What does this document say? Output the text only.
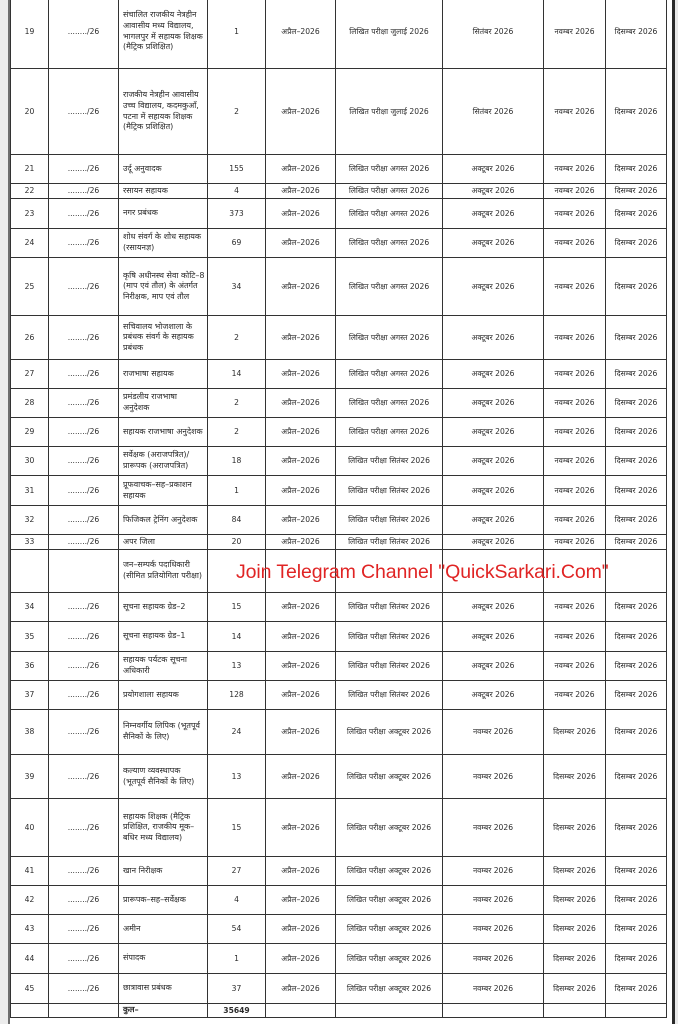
19	......../26	संचालित राजकीय नेत्रहीन आवासीय मध्य विद्यालय, भागलपुर में सहायक शिक्षक (मैट्रिक प्रशिक्षित)	1	अप्रैल–2026	लिखित परीक्षा जुलाई 2026	सितंबर 2026	नवम्बर 2026	दिसम्बर 2026
20	......../26	राजकीय नेत्रहीन आवासीय उच्च विद्यालय, कदमकुआँ, पटना में सहायक शिक्षक (मैट्रिक प्रशिक्षित)	2	अप्रैल–2026	लिखित परीक्षा जुलाई 2026	सितंबर 2026	नवम्बर 2026	दिसम्बर 2026
21	......../26	उर्दू अनुवादक	155	अप्रैल–2026	लिखित परीक्षा अगस्त 2026	अक्टूबर 2026	नवम्बर 2026	दिसम्बर 2026
22	......../26	रसायन सहायक	4	अप्रैल–2026	लिखित परीक्षा अगस्त 2026	अक्टूबर 2026	नवम्बर 2026	दिसम्बर 2026
23	......../26	नगर प्रबंधक	373	अप्रैल–2026	लिखित परीक्षा अगस्त 2026	अक्टूबर 2026	नवम्बर 2026	दिसम्बर 2026
24	......../26	शोध संवर्ग के शोध सहायक (रसायनज्ञ)	69	अप्रैल–2026	लिखित परीक्षा अगस्त 2026	अक्टूबर 2026	नवम्बर 2026	दिसम्बर 2026
25	......../26	कृषि अधीनस्थ सेवा कोटि–8 (माप एवं तौल) के अंतर्गत निरीक्षक, माप एवं तौल	34	अप्रैल–2026	लिखित परीक्षा अगस्त 2026	अक्टूबर 2026	नवम्बर 2026	दिसम्बर 2026
26	......../26	सचिवालय भोजशाला के प्रबंधक संवर्ग के सहायक प्रबंधक	2	अप्रैल–2026	लिखित परीक्षा अगस्त 2026	अक्टूबर 2026	नवम्बर 2026	दिसम्बर 2026
27	......../26	राजभाषा सहायक	14	अप्रैल–2026	लिखित परीक्षा अगस्त 2026	अक्टूबर 2026	नवम्बर 2026	दिसम्बर 2026
28	......../26	प्रमंडलीय राजभाषा अनुदेशक	2	अप्रैल–2026	लिखित परीक्षा अगस्त 2026	अक्टूबर 2026	नवम्बर 2026	दिसम्बर 2026
29	......../26	सहायक राजभाषा अनुदेशक	2	अप्रैल–2026	लिखित परीक्षा अगस्त 2026	अक्टूबर 2026	नवम्बर 2026	दिसम्बर 2026
30	......../26	सर्वेक्षक (अराजपत्रित)/ प्रारूपक (अराजपत्रित)	18	अप्रैल–2026	लिखित परीक्षा सितंबर 2026	अक्टूबर 2026	नवम्बर 2026	दिसम्बर 2026
31	......../26	प्रूफवाचक–सह–प्रकाशन सहायक	1	अप्रैल–2026	लिखित परीक्षा सितंबर 2026	अक्टूबर 2026	नवम्बर 2026	दिसम्बर 2026
32	......../26	फिजिकल ट्रेनिंग अनुदेशक	84	अप्रैल–2026	लिखित परीक्षा सितंबर 2026	अक्टूबर 2026	नवम्बर 2026	दिसम्बर 2026
33	......../26	अपर जिला	20	अप्रैल–2026	लिखित परीक्षा सितंबर 2026	अक्टूबर 2026	नवम्बर 2026	दिसम्बर 2026
		जन–सम्पर्क पदाधिकारी (सीमित प्रतियोगिता परीक्षा)						
34	......../26	सूचना सहायक ग्रेड–2	15	अप्रैल–2026	लिखित परीक्षा सितंबर 2026	अक्टूबर 2026	नवम्बर 2026	दिसम्बर 2026
35	......../26	सूचना सहायक ग्रेड–1	14	अप्रैल–2026	लिखित परीक्षा सितंबर 2026	अक्टूबर 2026	नवम्बर 2026	दिसम्बर 2026
36	......../26	सहायक पर्यटक सूचना अधिकारी	13	अप्रैल–2026	लिखित परीक्षा सितंबर 2026	अक्टूबर 2026	नवम्बर 2026	दिसम्बर 2026
37	......../26	प्रयोगशाला सहायक	128	अप्रैल–2026	लिखित परीक्षा सितंबर 2026	अक्टूबर 2026	नवम्बर 2026	दिसम्बर 2026
38	......../26	निम्नवर्गीय लिपिक (भूतपूर्व सैनिकों के लिए)	24	अप्रैल–2026	लिखित परीक्षा अक्टूबर 2026	नवम्बर 2026	दिसम्बर 2026	दिसम्बर 2026
39	......../26	कल्याण व्यवस्थापक (भूतपूर्व सैनिकों के लिए)	13	अप्रैल–2026	लिखित परीक्षा अक्टूबर 2026	नवम्बर 2026	दिसम्बर 2026	दिसम्बर 2026
40	......../26	सहायक शिक्षक (मैट्रिक प्रशिक्षित, राजकीय मूक–बधिर मध्य विद्यालय)	15	अप्रैल–2026	लिखित परीक्षा अक्टूबर 2026	नवम्बर 2026	दिसम्बर 2026	दिसम्बर 2026
41	......../26	खान निरीक्षक	27	अप्रैल–2026	लिखित परीक्षा अक्टूबर 2026	नवम्बर 2026	दिसम्बर 2026	दिसम्बर 2026
42	......../26	प्रारूपक–सह–सर्वेक्षक	4	अप्रैल–2026	लिखित परीक्षा अक्टूबर 2026	नवम्बर 2026	दिसम्बर 2026	दिसम्बर 2026
43	......../26	अमीन	54	अप्रैल–2026	लिखित परीक्षा अक्टूबर 2026	नवम्बर 2026	दिसम्बर 2026	दिसम्बर 2026
44	......../26	संपादक	1	अप्रैल–2026	लिखित परीक्षा अक्टूबर 2026	नवम्बर 2026	दिसम्बर 2026	दिसम्बर 2026
45	......../26	छात्रावास प्रबंधक	37	अप्रैल–2026	लिखित परीक्षा अक्टूबर 2026	नवम्बर 2026	दिसम्बर 2026	दिसम्बर 2026
		कुल–	35649					
Join Telegram Channel "QuickSarkari.Com"
